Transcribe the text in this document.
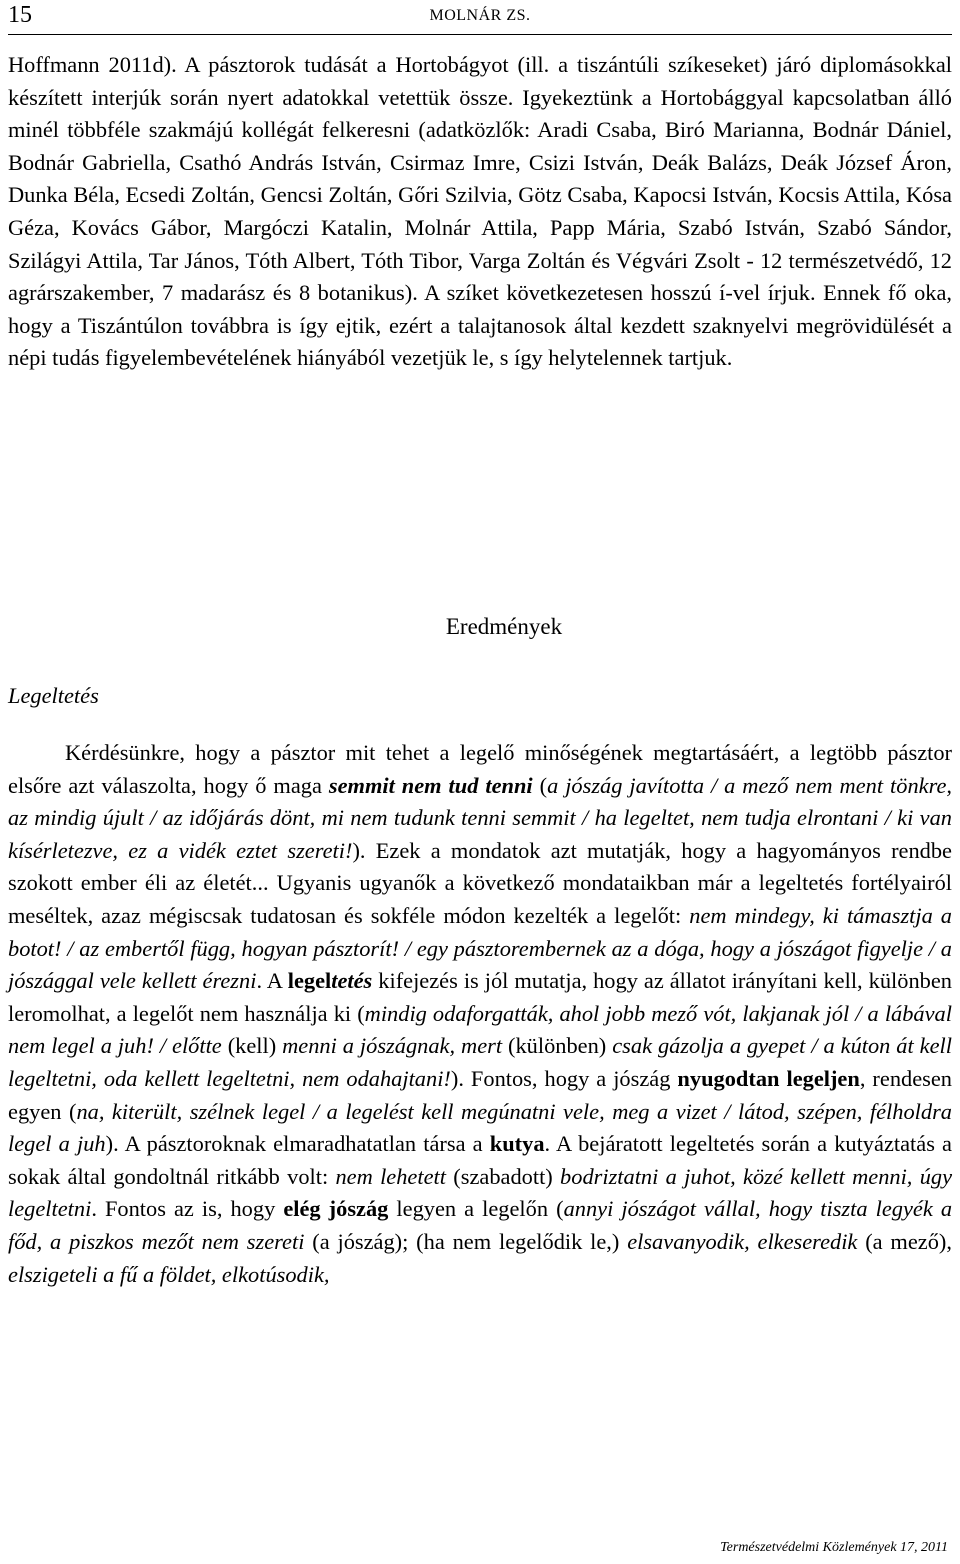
15	MOLNÁR ZS.

Hoffmann 2011d). A pásztorok tudását a Hortobágyot (ill. a tiszántúli szíkeseket) járó diplomásokkal készített interjúk során nyert adatokkal vetettük össze. Igyekeztünk a Hortobággyal kapcsolatban álló minél többféle szakmájú kollégát felkeresni (adatközlők: Aradi Csaba, Biró Marianna, Bodnár Dániel, Bodnár Gabriella, Csathó András István, Csirmaz Imre, Csizi István, Deák Balázs, Deák József Áron, Dunka Béla, Ecsedi Zoltán, Gencsi Zoltán, Gőri Szilvia, Götz Csaba, Kapocsi István, Kocsis Attila, Kósa Géza, Kovács Gábor, Margóczi Katalin, Molnár Attila, Papp Mária, Szabó István, Szabó Sándor, Szilágyi Attila, Tar János, Tóth Albert, Tóth Tibor, Varga Zoltán és Végvári Zsolt - 12 természetvédő, 12 agrárszakember, 7 madarász és 8 botanikus). A szíket következetesen hosszú í-vel írjuk. Ennek fő oka, hogy a Tiszántúlon továbbra is így ejtik, ezért a talajtanosok által kezdett szaknyelvi megrövidülését a népi tudás figyelembevételének hiányából vezetjük le, s így helytelennek tartjuk.

Eredmények
Legeltetés

Kérdésünkre, hogy a pásztor mit tehet a legelő minőségének megtartásáért, a legtöbb pásztor elsőre azt válaszolta, hogy ő maga semmit nem tud tenni (a jószág javította / a mező nem ment tönkre, az mindig újult / az időjárás dönt, mi nem tudunk tenni semmit / ha legeltet, nem tudja elrontani / ki van kísérletezve, ez a vidék eztet szereti!). Ezek a mondatok azt mutatják, hogy a hagyományos rendbe szokott ember éli az életét... Ugyanis ugyanők a következő mondataikban már a legeltetés fortélyairól meséltek, azaz mégiscsak tudatosan és sokféle módon kezelték a legelőt: nem mindegy, ki támasztja a botot! / az embertől függ, hogyan pásztorít! / egy pásztorembernek az a dóga, hogy a jószágot figyelje / a jószággal vele kellett érezni. A legeltetés kifejezés is jól mutatja, hogy az állatot irányítani kell, különben leromolhat, a legelőt nem használja ki (mindig odaforgatták, ahol jobb mező vót, lakjanak jól / a lábával nem legel a juh! / előtte (kell) menni a jószágnak, mert (különben) csak gázolja a gyepet / a kúton át kell legeltetni, oda kellett legeltetni, nem odahajtani!). Fontos, hogy a jószág nyugodtan legeljen, rendesen egyen (na, kiterült, szélnek legel / a legelést kell megúnatni vele, meg a vizet / látod, szépen, félholdra legel a juh). A pásztoroknak elmaradhatatlan társa a kutya. A bejáratott legeltetés során a kutyáztatás a sokak által gondoltnál ritkább volt: nem lehetett (szabadott) bodriztatni a juhot, közé kellett menni, úgy legeltetni. Fontos az is, hogy elég jószág legyen a legelőn (annyi jószágot vállal, hogy tiszta legyék a főd, a piszkos mezőt nem szereti (a jószág); (ha nem legelődik le,) elsavanyodik, elkeseredik (a mező), elszigeteli a fű a földet, elkotúsodik,

Természetvédelmi Közlemények 17, 2011
